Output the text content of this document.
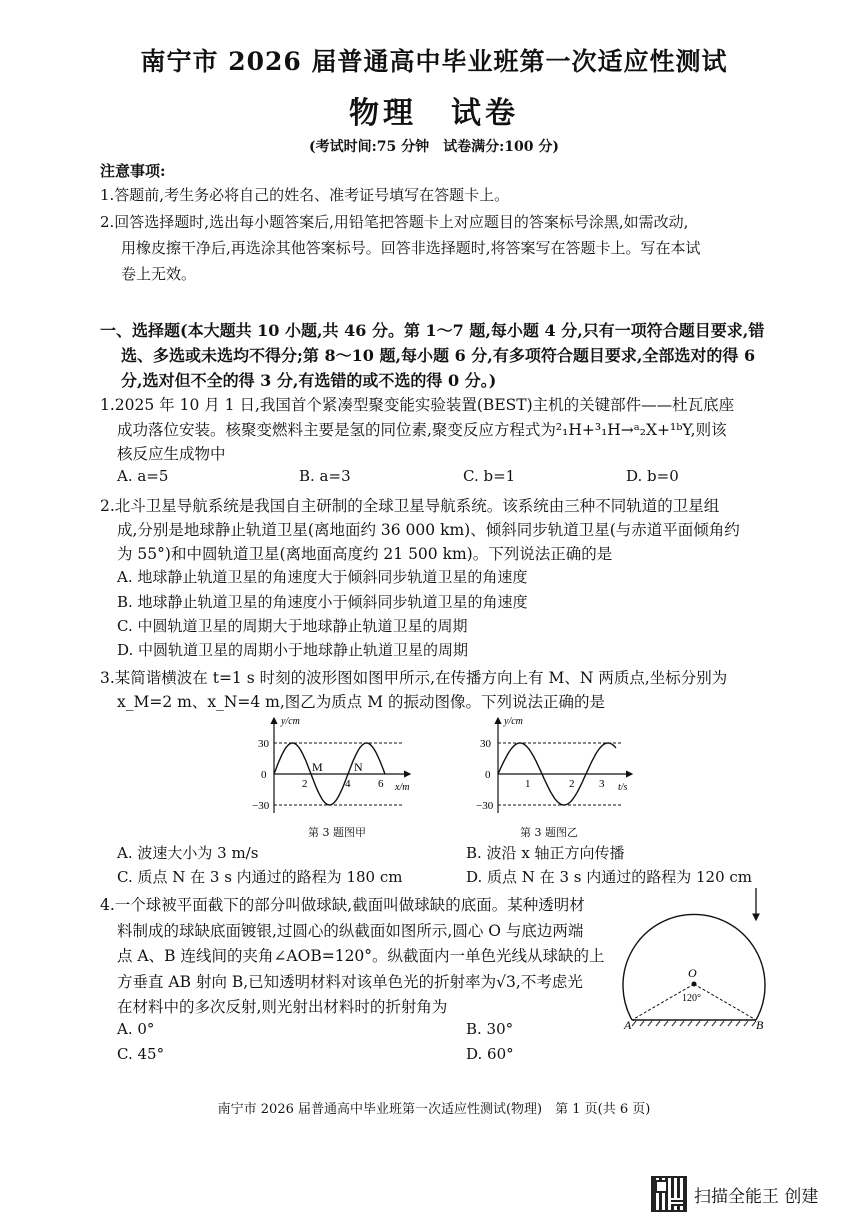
南宁市 2026 届普通高中毕业班第一次适应性测试
物理　试卷
(考试时间:75 分钟　试卷满分:100 分)
注意事项:
1.答题前,考生务必将自己的姓名、准考证号填写在答题卡上。
2.回答选择题时,选出每小题答案后,用铅笔把答题卡上对应题目的答案标号涂黑,如需改动,
用橡皮擦干净后,再选涂其他答案标号。回答非选择题时,将答案写在答题卡上。写在本试
卷上无效。
一、选择题(本大题共 10 小题,共 46 分。第 1～7 题,每小题 4 分,只有一项符合题目要求,错
选、多选或未选均不得分;第 8～10 题,每小题 6 分,有多项符合题目要求,全部选对的得 6
分,选对但不全的得 3 分,有选错的或不选的得 0 分。)
1.2025 年 10 月 1 日,我国首个紧凑型聚变能实验装置(BEST)主机的关键部件——杜瓦底座
成功落位安装。核聚变燃料主要是氢的同位素,聚变反应方程式为²₁H+³₁H→ᵃ₂X+¹ᵇY,则该
核反应生成物中
A. a=5	B. a=3	C. b=1	D. b=0
2.北斗卫星导航系统是我国自主研制的全球卫星导航系统。该系统由三种不同轨道的卫星组
成,分别是地球静止轨道卫星(离地面约 36 000 km)、倾斜同步轨道卫星(与赤道平面倾角约
为 55°)和中圆轨道卫星(离地面高度约 21 500 km)。下列说法正确的是
A. 地球静止轨道卫星的角速度大于倾斜同步轨道卫星的角速度
B. 地球静止轨道卫星的角速度小于倾斜同步轨道卫星的角速度
C. 中圆轨道卫星的周期大于地球静止轨道卫星的周期
D. 中圆轨道卫星的周期小于地球静止轨道卫星的周期
3.某简谐横波在 t=1 s 时刻的波形图如图甲所示,在传播方向上有 M、N 两质点,坐标分别为
x_M=2 m、x_N=4 m,图乙为质点 M 的振动图像。下列说法正确的是
y/cm
30
0
−30
2	4	6
M	N
x/m
第 3 题图甲
y/cm
30
0
−30
1	2 3 t/s
第 3 题图乙
A. 波速大小为 3 m/s	B. 波沿 x 轴正方向传播
C. 质点 N 在 3 s 内通过的路程为 180 cm	D. 质点 N 在 3 s 内通过的路程为 120 cm
4.一个球被平面截下的部分叫做球缺,截面叫做球缺的底面。某种透明材
料制成的球缺底面镀银,过圆心的纵截面如图所示,圆心 O 与底边两端
点 A、B 连线间的夹角∠AOB=120°。纵截面内一单色光线从球缺的上
方垂直 AB 射向 B,已知透明材料对该单色光的折射率为√3,不考虑光
在材料中的多次反射,则光射出材料时的折射角为
O
120°
A	B
A. 0°	B. 30°
C. 45°	D. 60°
南宁市 2026 届普通高中毕业班第一次适应性测试(物理)　第 1 页(共 6 页)
扫描全能王 创建
